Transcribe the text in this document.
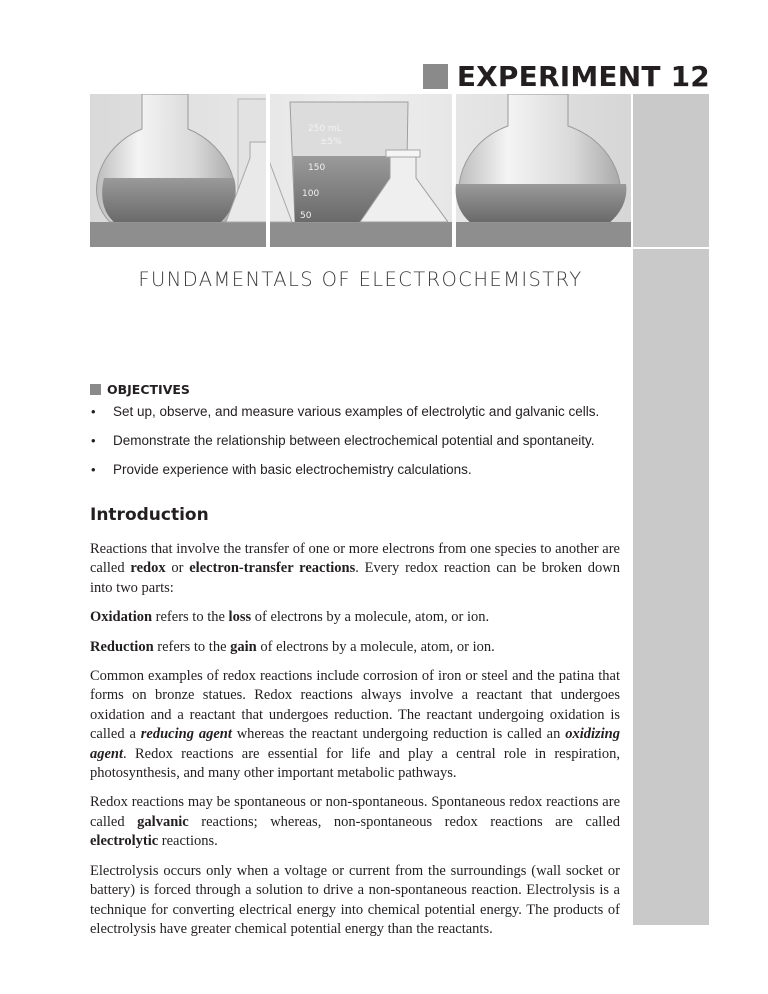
EXPERIMENT 12
250 mL
±5%
150
100
50
FUNDAMENTALS OF ELECTROCHEMISTRY
OBJECTIVES
• Set up, observe, and measure various examples of electrolytic and galvanic cells.
• Demonstrate the relationship between electrochemical potential and spontaneity.
• Provide experience with basic electrochemistry calculations.
Introduction

Reactions that involve the transfer of one or more electrons from one species to another are called redox or electron-transfer reactions. Every redox reaction can be broken down into two parts:

Oxidation refers to the loss of electrons by a molecule, atom, or ion.

Reduction refers to the gain of electrons by a molecule, atom, or ion.

Common examples of redox reactions include corrosion of iron or steel and the patina that forms on bronze statues. Redox reactions always involve a reactant that undergoes oxidation and a reactant that undergoes reduction. The reactant undergoing oxidation is called a reducing agent whereas the reactant undergoing reduction is called an oxidizing agent. Redox reactions are essential for life and play a central role in respiration, photosynthesis, and many other important metabolic pathways.

Redox reactions may be spontaneous or non-spontaneous. Spontaneous redox reactions are called galvanic reactions; whereas, non-spontaneous redox reactions are called electrolytic reactions.

Electrolysis occurs only when a voltage or current from the surroundings (wall socket or battery) is forced through a solution to drive a non-spontaneous reaction. Electrolysis is a technique for converting electrical energy into chemical potential energy. The products of electrolysis have greater chemical potential energy than the reactants.
